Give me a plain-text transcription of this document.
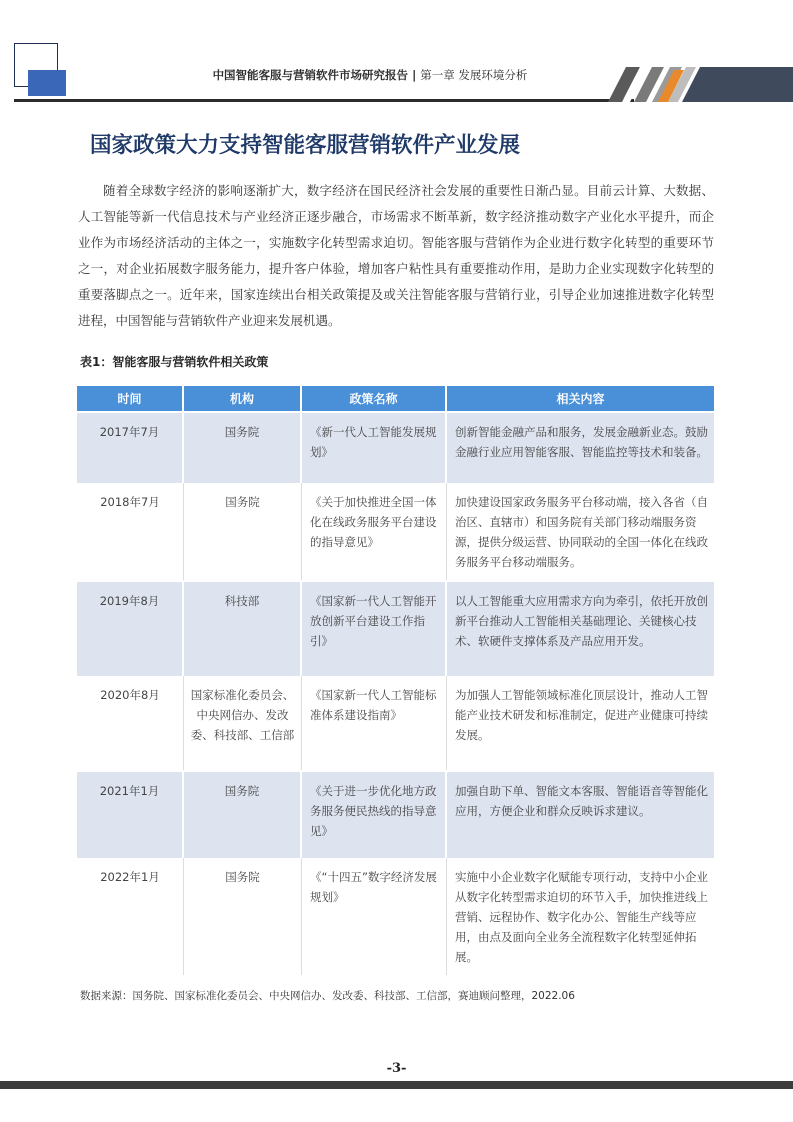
中国智能客服与营销软件市场研究报告 | 第一章 发展环境分析
国家政策大力支持智能客服营销软件产业发展

随着全球数字经济的影响逐渐扩大，数字经济在国民经济社会发展的重要性日渐凸显。目前云计算、大数据、人工智能等新一代信息技术与产业经济正逐步融合，市场需求不断革新，数字经济推动数字产业化水平提升，而企业作为市场经济活动的主体之一，实施数字化转型需求迫切。智能客服与营销作为企业进行数字化转型的重要环节之一，对企业拓展数字服务能力，提升客户体验，增加客户粘性具有重要推动作用，是助力企业实现数字化转型的重要落脚点之一。近年来，国家连续出台相关政策提及或关注智能客服与营销行业，引导企业加速推进数字化转型进程，中国智能与营销软件产业迎来发展机遇。

表1：智能客服与营销软件相关政策
时间	机构	政策名称	相关内容
2017年7月	国务院	《新一代人工智能发展规划》	创新智能金融产品和服务，发展金融新业态。鼓励金融行业应用智能客服、智能监控等技术和装备。
2018年7月	国务院	《关于加快推进全国一体化在线政务服务平台建设的指导意见》	加快建设国家政务服务平台移动端，接入各省（自治区、直辖市）和国务院有关部门移动端服务资源，提供分级运营、协同联动的全国一体化在线政务服务平台移动端服务。
2019年8月	科技部	《国家新一代人工智能开放创新平台建设工作指引》	以人工智能重大应用需求方向为牵引，依托开放创新平台推动人工智能相关基础理论、关键核心技术、软硬件支撑体系及产品应用开发。
2020年8月	国家标准化委员会、中央网信办、发改委、科技部、工信部	《国家新一代人工智能标准体系建设指南》	为加强人工智能领域标准化顶层设计，推动人工智能产业技术研发和标准制定，促进产业健康可持续发展。
2021年1月	国务院	《关于进一步优化地方政务服务便民热线的指导意见》	加强自助下单、智能文本客服、智能语音等智能化应用，方便企业和群众反映诉求建议。
2022年1月	国务院	《“十四五”数字经济发展规划》	实施中小企业数字化赋能专项行动，支持中小企业从数字化转型需求迫切的环节入手，加快推进线上营销、远程协作、数字化办公、智能生产线等应用，由点及面向全业务全流程数字化转型延伸拓展。
数据来源：国务院、国家标准化委员会、中央网信办、发改委、科技部、工信部，赛迪顾问整理，2022.06
-3-
